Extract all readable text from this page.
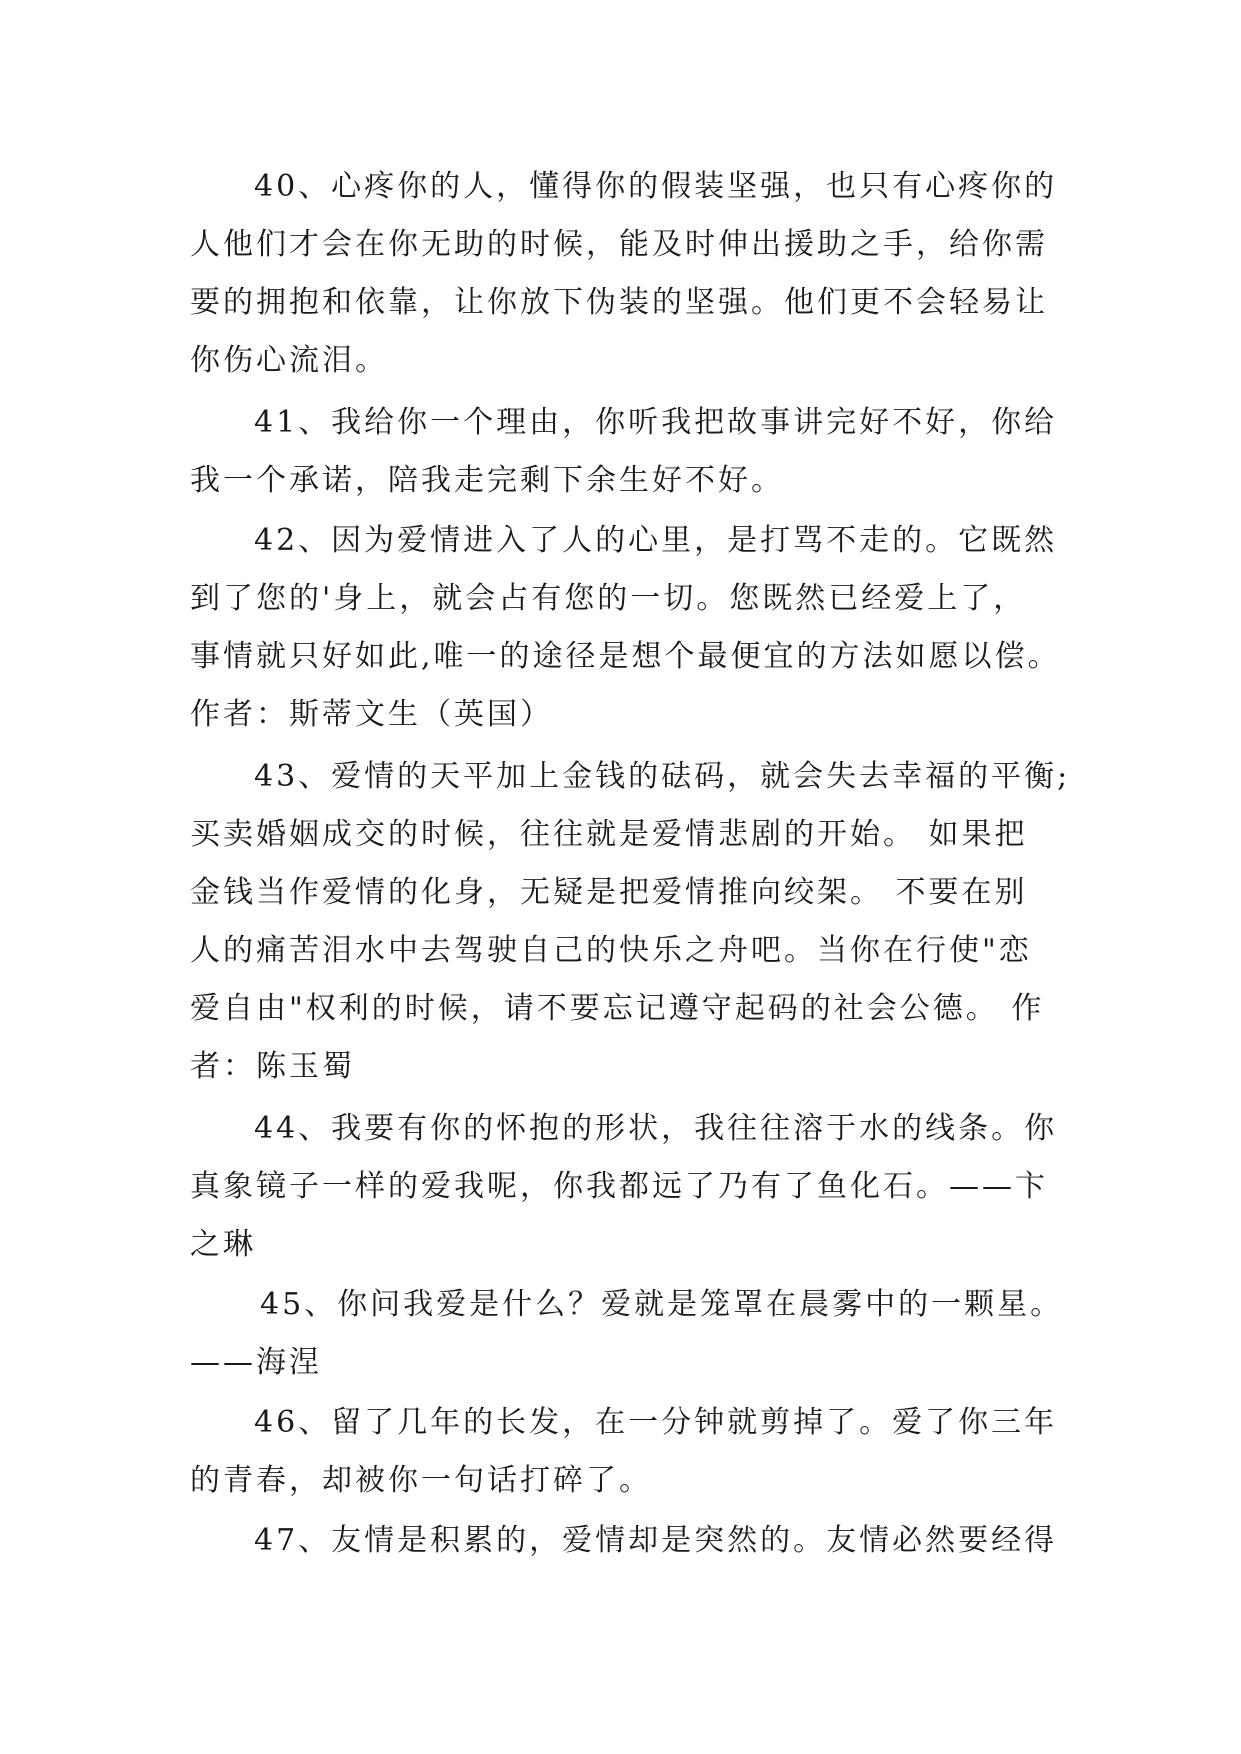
40、心疼你的人，懂得你的假装坚强，也只有心疼你的
人他们才会在你无助的时候，能及时伸出援助之手，给你需
要的拥抱和依靠，让你放下伪装的坚强。他们更不会轻易让
你伤心流泪。
41、我给你一个理由，你听我把故事讲完好不好，你给
我一个承诺，陪我走完剩下余生好不好。
42、因为爱情进入了人的心里，是打骂不走的。它既然
到了您的'身上，就会占有您的一切。您既然已经爱上了，
事情就只好如此,唯一的途径是想个最便宜的方法如愿以偿。
作者：斯蒂文生（英国）
43、爱情的天平加上金钱的砝码，就会失去幸福的平衡;
买卖婚姻成交的时候，往往就是爱情悲剧的开始。 如果把
金钱当作爱情的化身，无疑是把爱情推向绞架。 不要在别
人的痛苦泪水中去驾驶自己的快乐之舟吧。当你在行使"恋
爱自由"权利的时候，请不要忘记遵守起码的社会公德。 作
者：陈玉蜀
44、我要有你的怀抱的形状，我往往溶于水的线条。你
真象镜子一样的爱我呢，你我都远了乃有了鱼化石。——卞
之琳
45、你问我爱是什么？爱就是笼罩在晨雾中的一颗星。
——海涅
46、留了几年的长发，在一分钟就剪掉了。爱了你三年
的青春，却被你一句话打碎了。
47、友情是积累的，爱情却是突然的。友情必然要经得
